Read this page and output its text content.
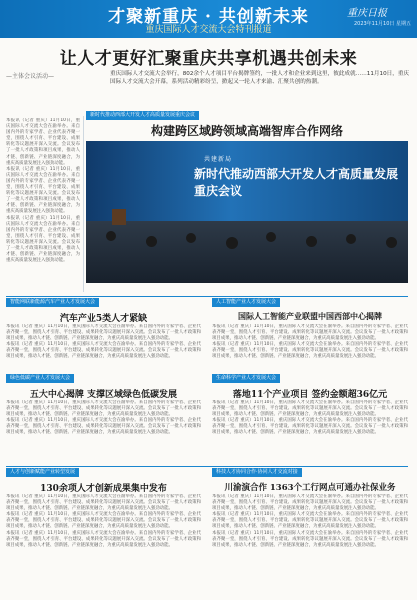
才聚新重庆 · 共创新未来
重庆国际人才交流大会特刊报道
重庆日报
2023年11月10日 星期五
让人才更好汇聚重庆共享机遇共创未来
—主体会议活动—	重庆国际人才交流大会举行，802余个人才项目平台揭牌签约，一批人才和企业来到这里，彼此成就……11月10日，重庆国际人才交流大会开幕，系列活动精彩纷呈，掀起又一轮人才来渝、汇聚共创的热潮。
本报讯（记者 重庆）11月10日，重庆国际人才交流大会在渝举办。来自国内外的专家学者、企业代表齐聚一堂，围绕人才引育、平台建设、成果转化等议题展开深入交流。会议发布了一批人才政策和项目成果，推动人才链、创新链、产业链深度融合，为重庆高质量发展注入强劲动能。
本报讯（记者 重庆）11月10日，重庆国际人才交流大会在渝举办。来自国内外的专家学者、企业代表齐聚一堂，围绕人才引育、平台建设、成果转化等议题展开深入交流。会议发布了一批人才政策和项目成果，推动人才链、创新链、产业链深度融合，为重庆高质量发展注入强劲动能。
本报讯（记者 重庆）11月10日，重庆国际人才交流大会在渝举办。来自国内外的专家学者、企业代表齐聚一堂，围绕人才引育、平台建设、成果转化等议题展开深入交流。会议发布了一批人才政策和项目成果，推动人才链、创新链、产业链深度融合，为重庆高质量发展注入强劲动能。
新时代推动西部大开发人才高质量发展重庆会议
构建跨区域跨领域高端智库合作网络
共建新局
新时代推动西部大开发人才高质量发展重庆会议
智能网联新能源汽车产业人才发展大会
汽车产业5类人才紧缺
本报讯（记者 重庆）11月10日，重庆国际人才交流大会在渝举办。来自国内外的专家学者、企业代表齐聚一堂，围绕人才引育、平台建设、成果转化等议题展开深入交流。会议发布了一批人才政策和项目成果，推动人才链、创新链、产业链深度融合，为重庆高质量发展注入强劲动能。
本报讯（记者 重庆）11月10日，重庆国际人才交流大会在渝举办。来自国内外的专家学者、企业代表齐聚一堂，围绕人才引育、平台建设、成果转化等议题展开深入交流。会议发布了一批人才政策和项目成果，推动人才链、创新链、产业链深度融合，为重庆高质量发展注入强劲动能。
人工智能产业人才发展大会
国际人工智能产业联盟中国西部中心揭牌
本报讯（记者 重庆）11月10日，重庆国际人才交流大会在渝举办。来自国内外的专家学者、企业代表齐聚一堂，围绕人才引育、平台建设、成果转化等议题展开深入交流。会议发布了一批人才政策和项目成果，推动人才链、创新链、产业链深度融合，为重庆高质量发展注入强劲动能。
本报讯（记者 重庆）11月10日，重庆国际人才交流大会在渝举办。来自国内外的专家学者、企业代表齐聚一堂，围绕人才引育、平台建设、成果转化等议题展开深入交流。会议发布了一批人才政策和项目成果，推动人才链、创新链、产业链深度融合，为重庆高质量发展注入强劲动能。
绿色低碳产业人才发展大会
五大中心揭牌 支撑区域绿色低碳发展
本报讯（记者 重庆）11月10日，重庆国际人才交流大会在渝举办。来自国内外的专家学者、企业代表齐聚一堂，围绕人才引育、平台建设、成果转化等议题展开深入交流。会议发布了一批人才政策和项目成果，推动人才链、创新链、产业链深度融合，为重庆高质量发展注入强劲动能。
本报讯（记者 重庆）11月10日，重庆国际人才交流大会在渝举办。来自国内外的专家学者、企业代表齐聚一堂，围绕人才引育、平台建设、成果转化等议题展开深入交流。会议发布了一批人才政策和项目成果，推动人才链、创新链、产业链深度融合，为重庆高质量发展注入强劲动能。
生命科学产业人才发展大会
落地11个产业项目 签约金额超36亿元
本报讯（记者 重庆）11月10日，重庆国际人才交流大会在渝举办。来自国内外的专家学者、企业代表齐聚一堂，围绕人才引育、平台建设、成果转化等议题展开深入交流。会议发布了一批人才政策和项目成果，推动人才链、创新链、产业链深度融合，为重庆高质量发展注入强劲动能。
本报讯（记者 重庆）11月10日，重庆国际人才交流大会在渝举办。来自国内外的专家学者、企业代表齐聚一堂，围绕人才引育、平台建设、成果转化等议题展开深入交流。会议发布了一批人才政策和项目成果，推动人才链、创新链、产业链深度融合，为重庆高质量发展注入强劲动能。
人才与创新赋能产业转型发展
130余项人才创新成果集中发布
本报讯（记者 重庆）11月10日，重庆国际人才交流大会在渝举办。来自国内外的专家学者、企业代表齐聚一堂，围绕人才引育、平台建设、成果转化等议题展开深入交流。会议发布了一批人才政策和项目成果，推动人才链、创新链、产业链深度融合，为重庆高质量发展注入强劲动能。
本报讯（记者 重庆）11月10日，重庆国际人才交流大会在渝举办。来自国内外的专家学者、企业代表齐聚一堂，围绕人才引育、平台建设、成果转化等议题展开深入交流。会议发布了一批人才政策和项目成果，推动人才链、创新链、产业链深度融合，为重庆高质量发展注入强劲动能。
本报讯（记者 重庆）11月10日，重庆国际人才交流大会在渝举办。来自国内外的专家学者、企业代表齐聚一堂，围绕人才引育、平台建设、成果转化等议题展开深入交流。会议发布了一批人才政策和项目成果，推动人才链、创新链、产业链深度融合，为重庆高质量发展注入强劲动能。
科技人才协同合作·协同人才交流对接
川渝演合作 1363个工行网点可通办社保业务
本报讯（记者 重庆）11月10日，重庆国际人才交流大会在渝举办。来自国内外的专家学者、企业代表齐聚一堂，围绕人才引育、平台建设、成果转化等议题展开深入交流。会议发布了一批人才政策和项目成果，推动人才链、创新链、产业链深度融合，为重庆高质量发展注入强劲动能。
本报讯（记者 重庆）11月10日，重庆国际人才交流大会在渝举办。来自国内外的专家学者、企业代表齐聚一堂，围绕人才引育、平台建设、成果转化等议题展开深入交流。会议发布了一批人才政策和项目成果，推动人才链、创新链、产业链深度融合，为重庆高质量发展注入强劲动能。
本报讯（记者 重庆）11月10日，重庆国际人才交流大会在渝举办。来自国内外的专家学者、企业代表齐聚一堂，围绕人才引育、平台建设、成果转化等议题展开深入交流。会议发布了一批人才政策和项目成果，推动人才链、创新链、产业链深度融合，为重庆高质量发展注入强劲动能。
